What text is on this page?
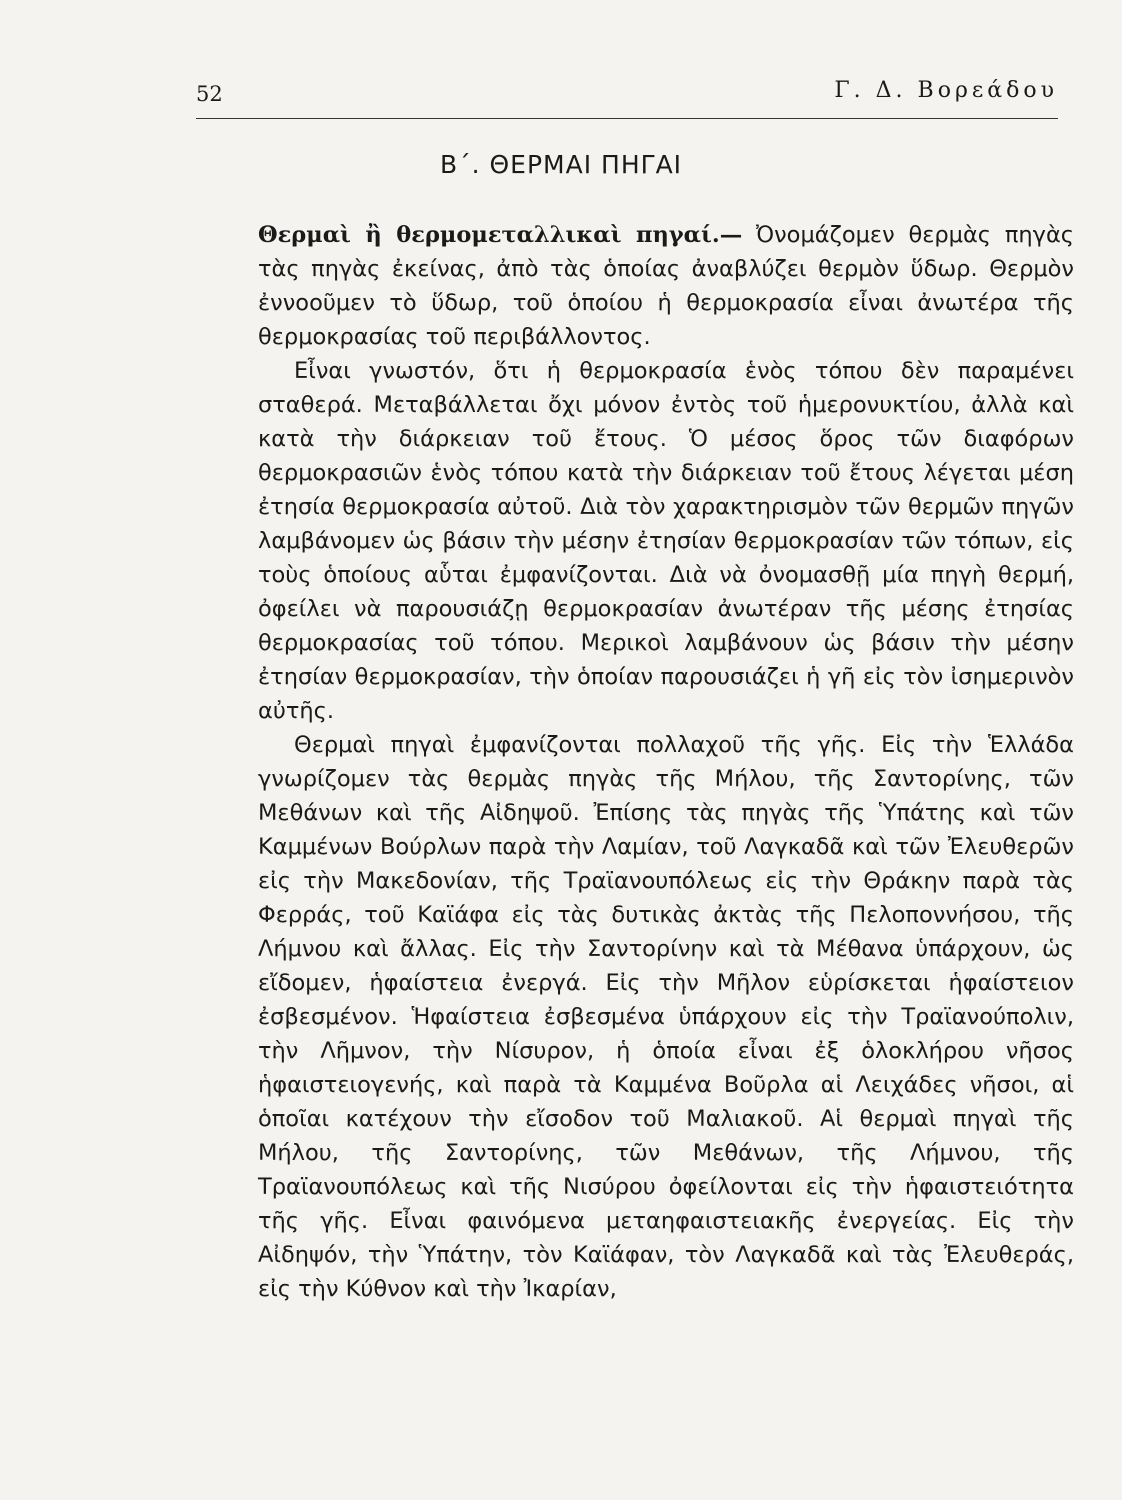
52	Γ. Δ. Βορεάδου
Β΄. ΘΕΡΜΑΙ ΠΗΓΑΙ

Θερμαὶ ἢ θερμομεταλλικαὶ πηγαί.— Ὀνομάζομεν θερμὰς πηγὰς τὰς πηγὰς ἐκείνας, ἀπὸ τὰς ὁποίας ἀναβλύζει θερμὸν ὕδωρ. Θερμὸν ἐννοοῦμεν τὸ ὕδωρ, τοῦ ὁποίου ἡ θερμοκρασία εἶναι ἀνωτέρα τῆς θερμοκρασίας τοῦ περιβάλλοντος.

Εἶναι γνωστόν, ὅτι ἡ θερμοκρασία ἑνὸς τόπου δὲν παραμένει σταθερά. Μεταβάλλεται ὄχι μόνον ἐντὸς τοῦ ἡμερονυκτίου, ἀλλὰ καὶ κατὰ τὴν διάρκειαν τοῦ ἔτους. Ὁ μέσος ὅρος τῶν διαφόρων θερμοκρασιῶν ἑνὸς τόπου κατὰ τὴν διάρκειαν τοῦ ἔτους λέγεται μέση ἐτησία θερμοκρασία αὐτοῦ. Διὰ τὸν χαρακτηρισμὸν τῶν θερμῶν πηγῶν λαμβάνομεν ὡς βάσιν τὴν μέσην ἐτησίαν θερμοκρασίαν τῶν τόπων, εἰς τοὺς ὁποίους αὗται ἐμφανίζονται. Διὰ νὰ ὀνομασθῇ μία πηγὴ θερμή, ὀφείλει νὰ παρουσιάζῃ θερμοκρασίαν ἀνωτέραν τῆς μέσης ἐτησίας θερμοκρασίας τοῦ τόπου. Μερικοὶ λαμβάνουν ὡς βάσιν τὴν μέσην ἐτησίαν θερμοκρασίαν, τὴν ὁποίαν παρουσιάζει ἡ γῆ εἰς τὸν ἰσημερινὸν αὐτῆς.

Θερμαὶ πηγαὶ ἐμφανίζονται πολλαχοῦ τῆς γῆς. Εἰς τὴν Ἑλλάδα γνωρίζομεν τὰς θερμὰς πηγὰς τῆς Μήλου, τῆς Σαντορίνης, τῶν Μεθάνων καὶ τῆς Αἰδηψοῦ. Ἐπίσης τὰς πηγὰς τῆς Ὑπάτης καὶ τῶν Καμμένων Βούρλων παρὰ τὴν Λαμίαν, τοῦ Λαγκαδᾶ καὶ τῶν Ἐλευθερῶν εἰς τὴν Μακεδονίαν, τῆς Τραϊανουπόλεως εἰς τὴν Θράκην παρὰ τὰς Φερράς, τοῦ Καϊάφα εἰς τὰς δυτικὰς ἀκτὰς τῆς Πελοποννήσου, τῆς Λήμνου καὶ ἄλλας. Εἰς τὴν Σαντορίνην καὶ τὰ Μέθανα ὑπάρχουν, ὡς εἴδομεν, ἡφαίστεια ἐνεργά. Εἰς τὴν Μῆλον εὑρίσκεται ἡφαίστειον ἐσβεσμένον. Ἡφαίστεια ἐσβεσμένα ὑπάρχουν εἰς τὴν Τραϊανούπολιν, τὴν Λῆμνον, τὴν Νίσυρον, ἡ ὁποία εἶναι ἐξ ὁλοκλήρου νῆσος ἡφαιστειογενής, καὶ παρὰ τὰ Καμμένα Βοῦρλα αἱ Λειχάδες νῆσοι, αἱ ὁποῖαι κατέχουν τὴν εἴσοδον τοῦ Μαλιακοῦ. Αἱ θερμαὶ πηγαὶ τῆς Μήλου, τῆς Σαντορίνης, τῶν Μεθάνων, τῆς Λήμνου, τῆς Τραϊανουπόλεως καὶ τῆς Νισύρου ὀφείλονται εἰς τὴν ἡφαιστειότητα τῆς γῆς. Εἶναι φαινόμενα μεταηφαιστειακῆς ἐνεργείας. Εἰς τὴν Αἰδηψόν, τὴν Ὑπάτην, τὸν Καϊάφαν, τὸν Λαγκαδᾶ καὶ τὰς Ἐλευθεράς, εἰς τὴν Κύθνον καὶ τὴν Ἰκαρίαν,
